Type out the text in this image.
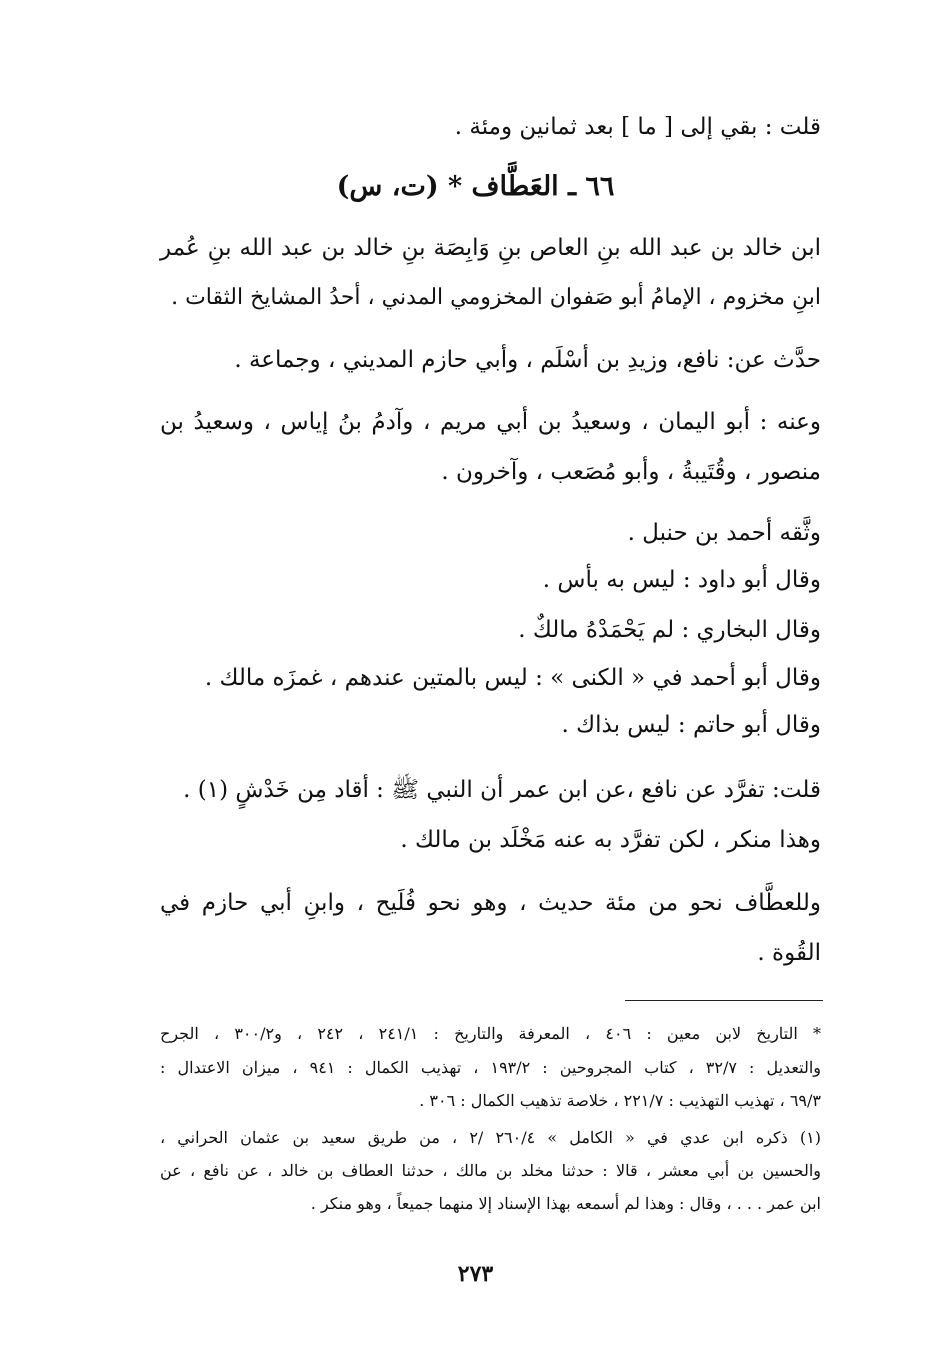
قلت : بقي إلى [ ما ] بعد ثمانين ومئة .
٦٦ ـ العَطَّاف * (ت، س)
ابن خالد بن عبد الله بنِ العاص بنِ وَابِصَة بنِ خالد بن عبد الله بنِ عُمر
ابنِ مخزوم ، الإمامُ أبو صَفوان المخزومي المدني ، أحدُ المشايخ الثقات .
حدَّث عن: نافع، وزيدِ بن أسْلَم ، وأبي حازم المديني ، وجماعة .
وعنه : أبو اليمان ، وسعيدُ بن أبي مريم ، وآدمُ بنُ إياس ، وسعيدُ بن
منصور ، وقُتَيبةُ ، وأبو مُصَعب ، وآخرون .
وثَّقه أحمد بن حنبل .
وقال أبو داود : ليس به بأس .
وقال البخاري : لم يَحْمَدْهُ مالكٌ .
وقال أبو أحمد في « الكنى » : ليس بالمتين عندهم ، غمزَه مالك .
وقال أبو حاتم : ليس بذاك .
قلت: تفرَّد عن نافع ،عن ابن عمر أن النبي ﷺ : أقاد مِن خَدْشٍ (١) .
وهذا منكر ، لكن تفرَّد به عنه مَخْلَد بن مالك .
وللعطَّاف نحو من مئة حديث ، وهو نحو فُلَيح ، وابنِ أبي حازم في
القُوة .
* التاريخ لابن معين : ٤٠٦ ، المعرفة والتاريخ : ٢٤١/١ ، ٢٤٢ ، و٣٠٠/٢ ، الجرح
والتعديل : ٣٢/٧ ، كتاب المجروحين : ١٩٣/٢ ، تهذيب الكمال : ٩٤١ ، ميزان الاعتدال :
٦٩/٣ ، تهذيب التهذيب : ٢٢١/٧ ، خلاصة تذهيب الكمال : ٣٠٦ .
(١) ذكره ابن عدي في « الكامل » ٢٦٠/٤ /٢ ، من طريق سعيد بن عثمان الحراني ،
والحسين بن أبي معشر ، قالا : حدثنا مخلد بن مالك ، حدثنا العطاف بن خالد ، عن نافع ، عن
ابن عمر . . . ، وقال : وهذا لم أسمعه بهذا الإسناد إلا منهما جميعاً ، وهو منكر .
٢٧٣
